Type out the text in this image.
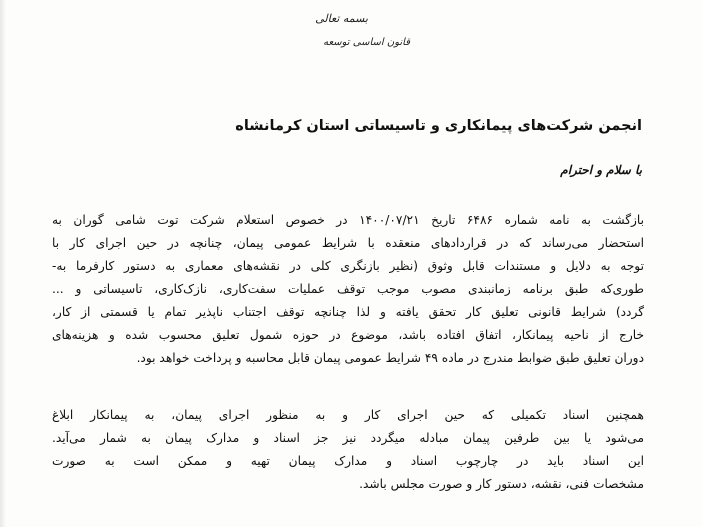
بسمه تعالی
قانون اساسی توسعه
انجمن شرکت‌های پیمانکاری و تاسیساتی استان کرمانشاه
با سلام و احترام
بازگشت به نامه شماره ۶۴۸۶ تاریخ ۱۴۰۰/۰۷/۲۱ در خصوص استعلام شرکت توت شامی گوران به
استحضار می‌رساند که در قراردادهای منعقده با شرایط عمومی پیمان، چنانچه در حین اجرای کار با
توجه به دلایل و مستندات قابل وثوق (نظیر بازنگری کلی در نقشه‌های معماری به دستور کارفرما به-
طوری‌که طبق برنامه زمانبندی مصوب موجب توقف عملیات سفت‌کاری، نازک‌کاری، تاسیساتی و ...
گردد) شرایط قانونی تعلیق کار تحقق یافته و لذا چنانچه توقف اجتناب ناپذیر تمام یا قسمتی از کار،
خارج از ناحیه پیمانکار، اتفاق افتاده باشد، موضوع در حوزه شمول تعلیق محسوب شده و هزینه‌های
دوران تعلیق طبق ضوابط مندرج در ماده ۴۹ شرایط عمومی پیمان قابل محاسبه و پرداخت خواهد بود.
همچنین اسناد تکمیلی که حین اجرای کار و به منظور اجرای پیمان، به پیمانکار ابلاغ
می‌شود یا بین طرفین پیمان مبادله میگردد نیز جز اسناد و مدارک پیمان به شمار می‌آید.
این اسناد باید در چارچوب اسناد و مدارک پیمان تهیه و ممکن است به صورت
مشخصات فنی، نقشه، دستور کار و صورت مجلس باشد.
